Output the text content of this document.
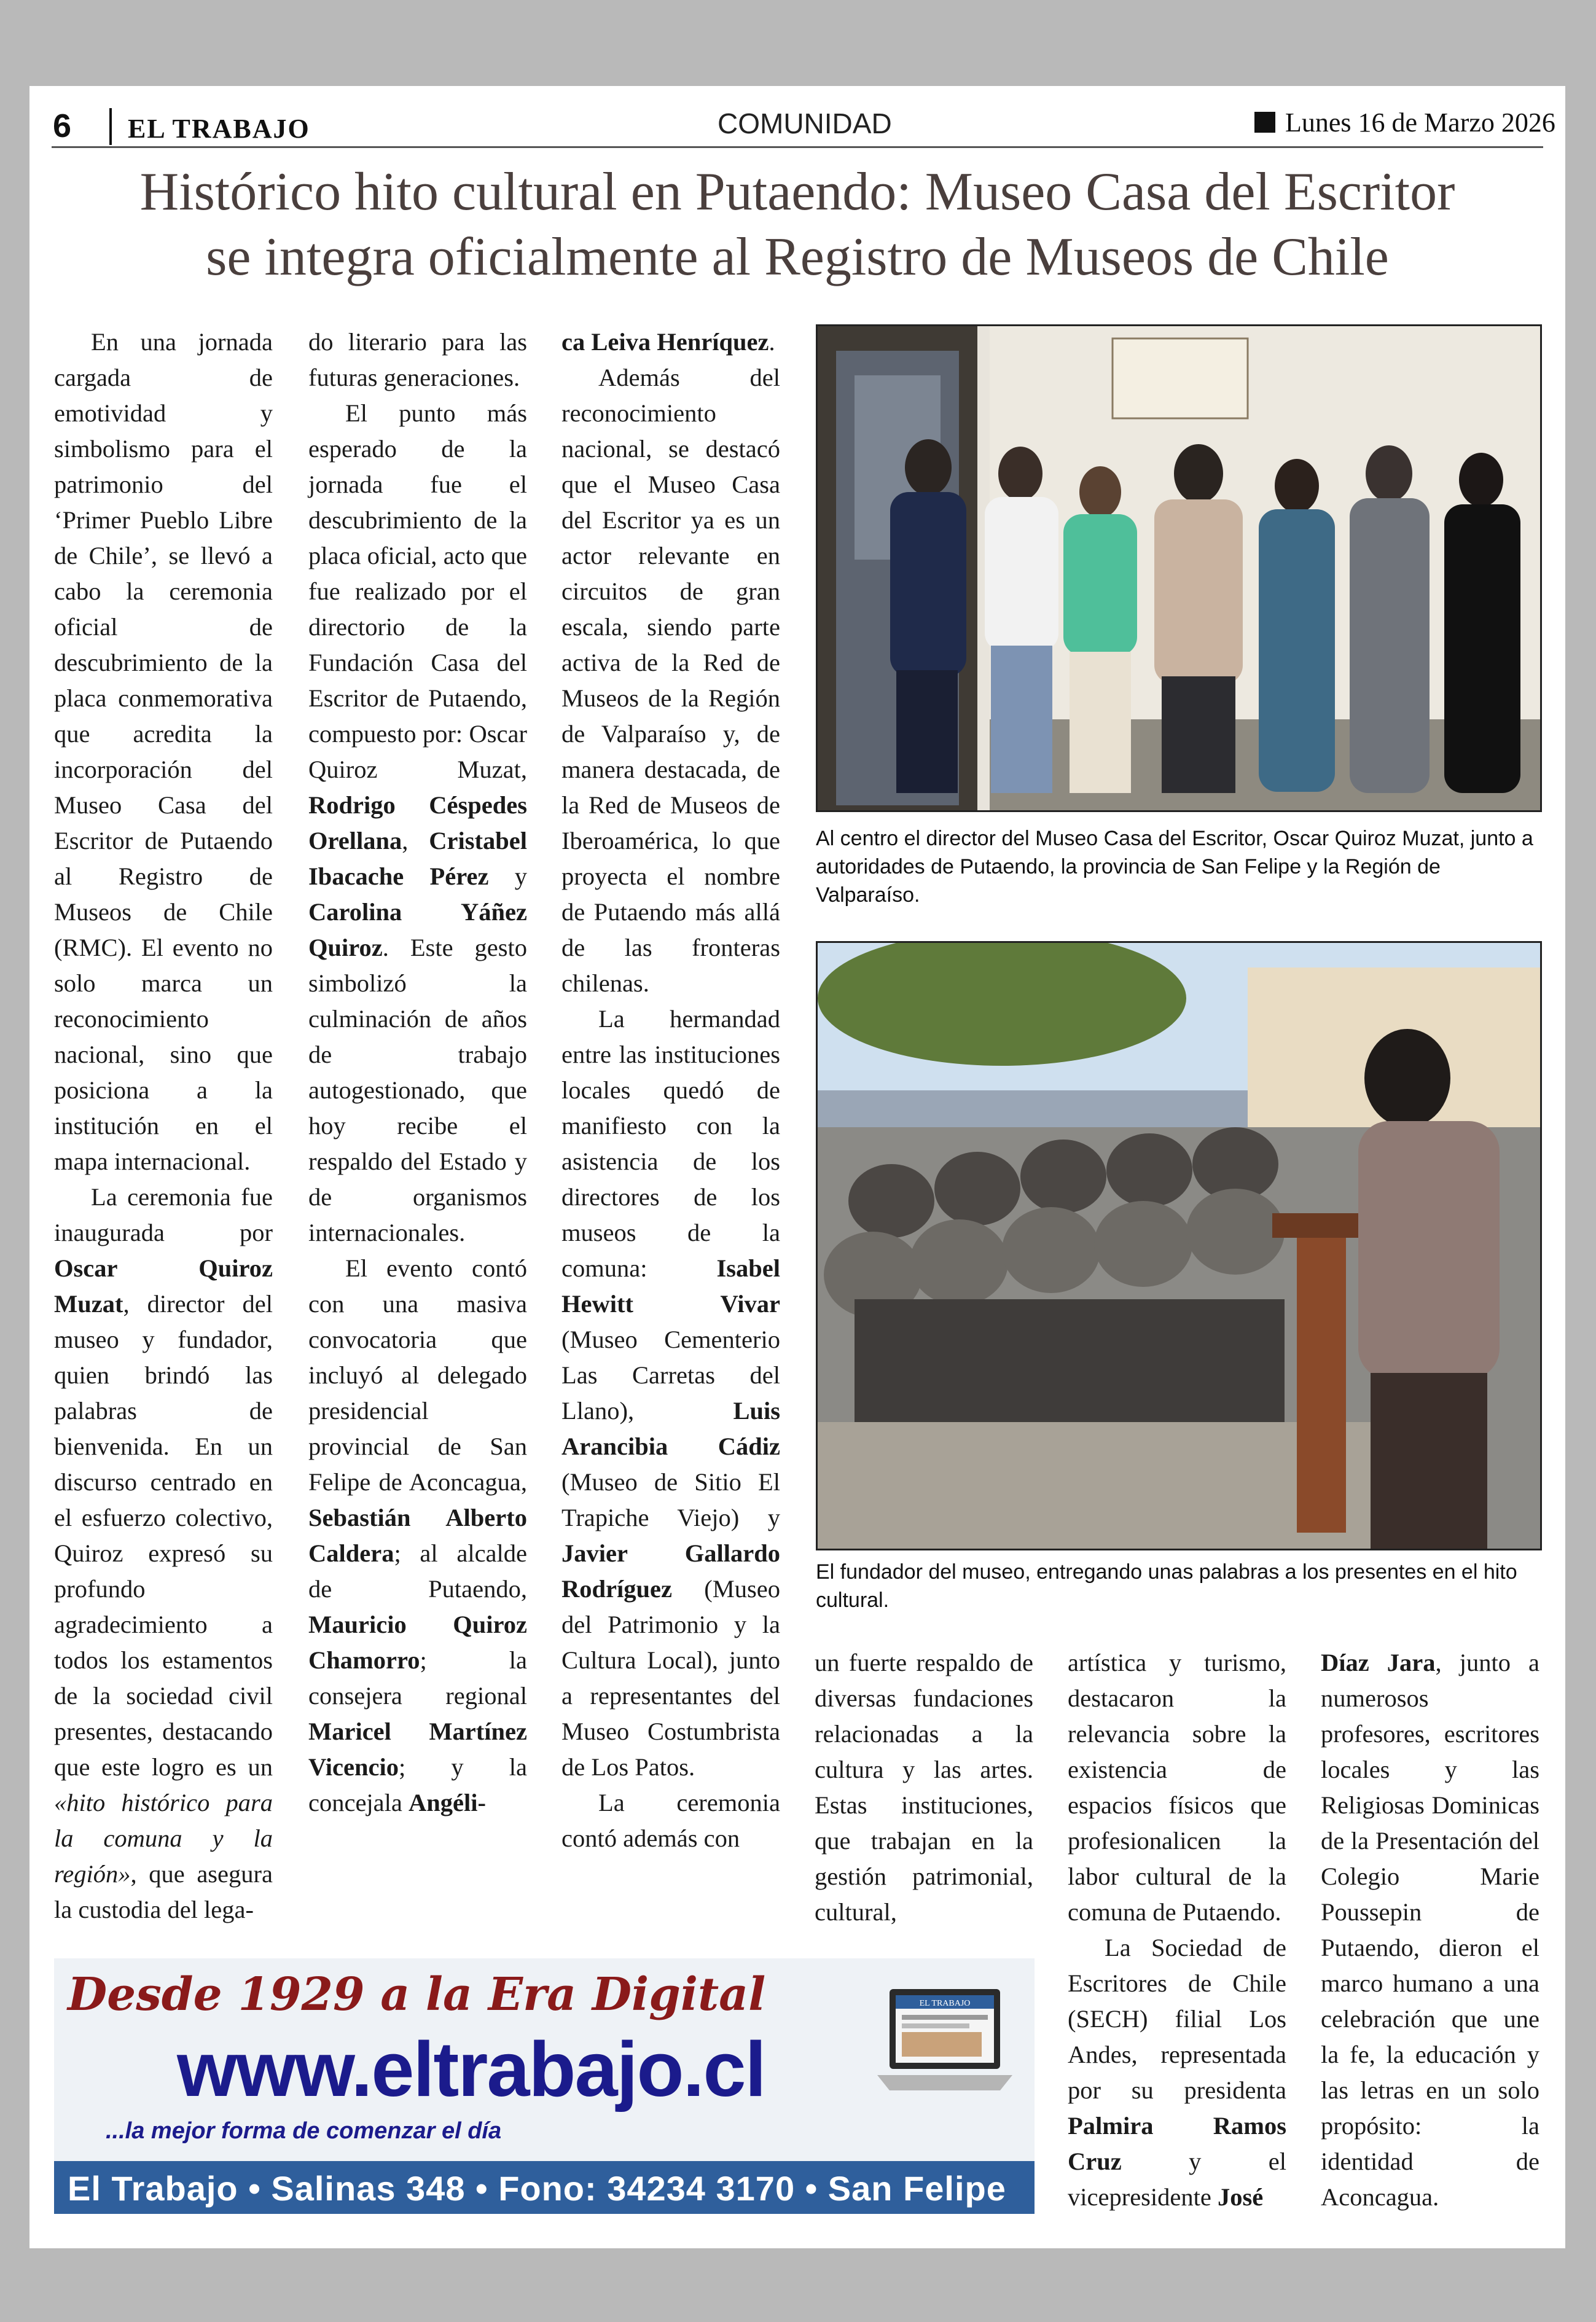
6 EL TRABAJO	COMUNIDAD	Lunes 16 de Marzo 2026
Histórico hito cultural en Putaendo: Museo Casa del Escritor
se integra oficialmente al Registro de Museos de Chile

En una jornada cargada de emotividad y simbolismo para el patrimonio del ‘Primer Pueblo Libre de Chile’, se llevó a cabo la ceremonia oficial de descubrimiento de la placa conmemorativa que acredita la incorporación del Museo Casa del Escritor de Putaendo al Registro de Museos de Chile (RMC). El evento no solo marca un reconocimiento nacional, sino que posiciona a la institución en el mapa internacional.

La ceremonia fue inaugurada por Oscar Quiroz Muzat, director del museo y fundador, quien brindó las palabras de bienvenida. En un discurso centrado en el esfuerzo colectivo, Quiroz expresó su profundo agradecimiento a todos los estamentos de la sociedad civil presentes, destacando que este logro es un «hito histórico para la comuna y la región», que asegura la custodia del lega-

do literario para las futuras generaciones.

El punto más esperado de la jornada fue el descubrimiento de la placa oficial, acto que fue realizado por el directorio de la Fundación Casa del Escritor de Putaendo, compuesto por: Oscar Quiroz Muzat, Rodrigo Céspedes Orellana, Cristabel Ibacache Pérez y Carolina Yáñez Quiroz. Este gesto simbolizó la culminación de años de trabajo autogestionado, que hoy recibe el respaldo del Estado y de organismos internacionales.

El evento contó con una masiva convocatoria que incluyó al delegado presidencial provincial de San Felipe de Aconcagua, Sebastián Alberto Caldera; al alcalde de Putaendo, Mauricio Quiroz Chamorro; la consejera regional Maricel Martínez Vicencio; y la concejala Angéli-

ca Leiva Henríquez.

Además del reconocimiento nacional, se destacó que el Museo Casa del Escritor ya es un actor relevante en circuitos de gran escala, siendo parte activa de la Red de Museos de la Región de Valparaíso y, de manera destacada, de la Red de Museos de Iberoamérica, lo que proyecta el nombre de Putaendo más allá de las fronteras chilenas.

La hermandad entre las instituciones locales quedó de manifiesto con la asistencia de los directores de los museos de la comuna: Isabel Hewitt Vivar (Museo Cementerio Las Carretas del Llano), Luis Arancibia Cádiz (Museo de Sitio El Trapiche Viejo) y Javier Gallardo Rodríguez (Museo del Patrimonio y la Cultura Local), junto a representantes del Museo Costumbrista de Los Patos.

La ceremonia contó además con

Al centro el director del Museo Casa del Escritor, Oscar Quiroz Muzat, junto a autoridades de Putaendo, la provincia de San Felipe y la Región de Valparaíso.
El fundador del museo, entregando unas palabras a los presentes en el hito cultural.

un fuerte respaldo de diversas fundaciones relacionadas a la cultura y las artes. Estas instituciones, que trabajan en la gestión patrimonial, cultural,

artística y turismo, destacaron la relevancia sobre la existencia de espacios físicos que profesionalicen la labor cultural de la comuna de Putaendo.

La Sociedad de Escritores de Chile (SECH) filial Los Andes, representada por su presidenta Palmira Ramos Cruz y el vicepresidente José

Díaz Jara, junto a numerosos profesores, escritores locales y las Religiosas Dominicas de la Presentación del Colegio Marie Poussepin de Putaendo, dieron el marco humano a una celebración que une la fe, la educación y las letras en un solo propósito: la identidad de Aconcagua.

Desde 1929 a la Era Digital
www.eltrabajo.cl
...la mejor forma de comenzar el día
EL TRABAJO
El Trabajo • Salinas 348 • Fono: 34234 3170 • San Felipe
